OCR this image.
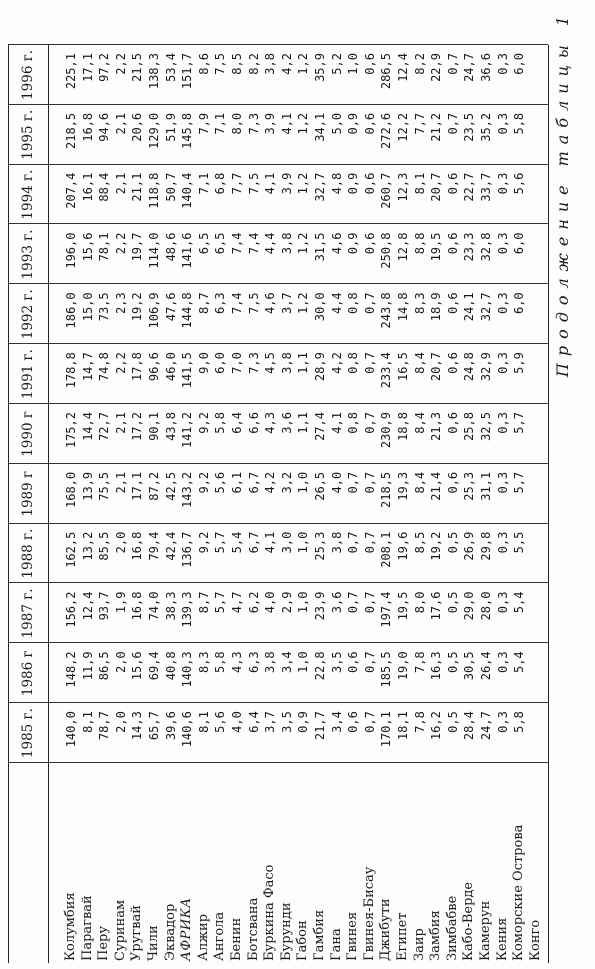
Продолжениетаблицы1
1985 г.
1986 г
1987 г.
1988 г.
1989 г
1990 г
1991 г.
1992 г.
1993 г.
1994 г.
1995 г.
1996 г.
Колумбия
140,0
148,2
156,2
162,5
168,0
175,2
178,8
186,0
196,0
207,4
218,5
225,1
Парагвай
8,1
11,9
12,4
13,2
13,9
14,4
14,7
15,0
15,6
16,1
16,8
17,1
Перу
78,7
86,5
93,7
85,5
75,5
72,7
74,8
73,5
78,1
88,4
94,6
97,2
Суринам
2,0
2,0
1,9
2,0
2,1
2,1
2,2
2,3
2,2
2,1
2,1
2,2
Уругвай
14,3
15,6
16,8
16,8
17,1
17,2
17,8
19,2
19,7
21,1
20,6
21,5
Чили
65,7
69,4
74,0
79,4
87,2
90,1
96,6
106,9
114,0
118,8
129,0
138,3
Эквадор
39,6
40,8
38,3
42,4
42,5
43,8
46,0
47,6
48,6
50,7
51,9
53,4
АФРИКА
140,6
140,3
139,3
136,7
143,2
141,2
141,5
144,8
141,6
140,4
145,8
151,7
Алжир
8,1
8,3
8,7
9,2
9,2
9,2
9,0
8,7
6,5
7,1
7,9
8,6
Ангола
5,6
5,8
5,7
5,7
5,6
5,8
6,0
6,3
6,5
6,8
7,1
7,5
Бенин
4,0
4,3
4,7
5,4
6,1
6,4
7,0
7,4
7,4
7,7
8,0
8,5
Ботсвана
6,4
6,3
6,2
6,7
6,7
6,6
7,3
7,5
7,4
7,5
7,3
8,2
Буркина Фасо
3,7
3,8
4,0
4,1
4,2
4,3
4,5
4,6
4,4
4,1
3,9
3,8
Бурунди
3,5
3,4
2,9
3,0
3,2
3,6
3,8
3,7
3,8
3,9
4,1
4,2
Габон
0,9
1,0
1,0
1,0
1,0
1,1
1,1
1,2
1,2
1,2
1,2
1,2
Гамбия
21,7
22,8
23,9
25,3
26,5
27,4
28,9
30,0
31,5
32,7
34,1
35,9
Гана
3,4
3,5
3,6
3,8
4,0
4,1
4,2
4,4
4,6
4,8
5,0
5,2
Гвинея
0,6
0,6
0,7
0,7
0,7
0,8
0,8
0,8
0,9
0,9
0,9
1,0
Гвинея-Бисау
0,7
0,7
0,7
0,7
0,7
0,7
0,7
0,7
0,6
0,6
0,6
0,6
Джибути
170,1
185,5
197,4
208,1
218,5
230,9
233,4
243,8
250,8
260,7
272,6
286,5
Египет
18,1
19,0
19,5
19,6
19,3
18,8
16,5
14,8
12,8
12,3
12,2
12,4
Заир
7,8
7,8
8,0
8,5
8,4
8,4
8,4
8,3
8,8
8,1
7,7
8,2
Замбия
16,2
16,3
17,6
19,2
21,4
21,3
20,7
18,9
19,5
20,7
21,2
22,9
Зимбабве
0,5
0,5
0,5
0,5
0,6
0,6
0,6
0,6
0,6
0,6
0,7
0,7
Кабо-Верде
28,4
30,5
29,0
26,9
25,3
25,8
24,8
24,1
23,3
22,7
23,5
24,7
Камерун
24,7
26,4
28,0
29,8
31,1
32,5
32,9
32,7
32,8
33,7
35,2
36,6
Кения
0,3
0,3
0,3
0,3
0,3
0,3
0,3
0,3
0,3
0,3
0,3
0,3
Коморские Острова
5,8
5,4
5,4
5,5
5,7
5,7
5,9
6,0
6,0
5,6
5,8
6,0
Конго
